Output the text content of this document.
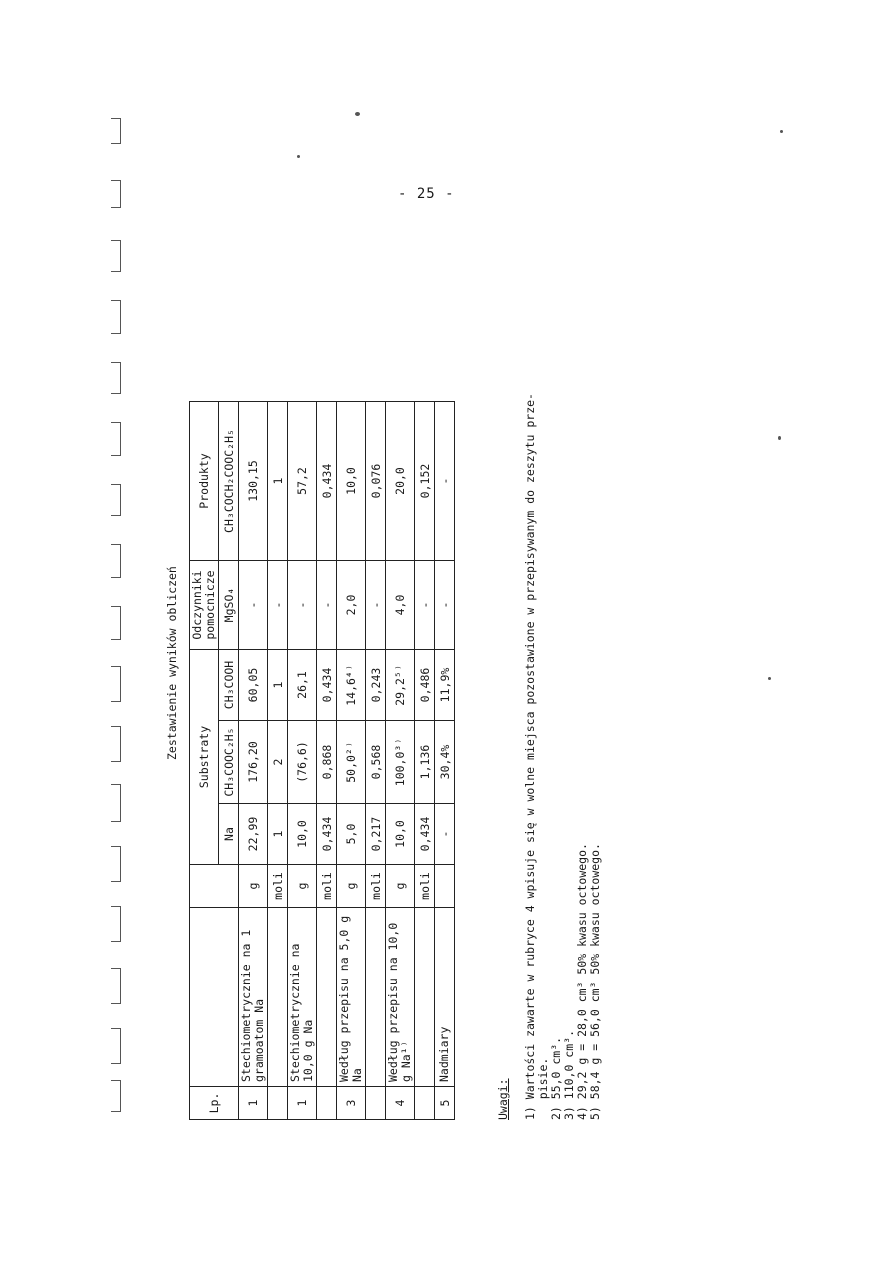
- 25 -
Zestawienie wyników obliczeń
Lp.			Substraty			Odczynniki pomocnicze	Produkty
			Na	CH₃COOC₂H₅	CH₃COOH	MgSO₄	CH₃COCH₂COOC₂H₅
1	Stechiometrycznie na 1 gramoatom Na	g	22,99	176,20	60,05	-	130,15
		moli	1	2	1	-	1
1	Stechiometrycznie na 10,0 g Na	g	10,0	(76,6)	26,1	-	57,2
		moli	0,434	0,868	0,434	-	0,434
3	Według przepisu na 5,0 g Na	g	5,0	50,0²⁾	14,6⁴⁾	2,0	10,0
		moli	0,217	0,568	0,243	-	0,076
4	Według przepisu na 10,0 g Na¹⁾	g	10,0	100,0³⁾	29,2⁵⁾	4,0	20,0
		moli	0,434	1,136	0,486	-	0,152
5	Nadmiary		-	30,4%	11,9%	-	-
Uwagi: 1) Wartości zawarte w rubryce 4 wpisuje się w wolne miejsca pozostawione w przepisywanym do zeszytu prze- pisie. 2) 55,0 cm³. 3) 110,0 cm³. 4) 29,2 g = 28,0 cm³ 50% kwasu octowego. 5) 58,4 g = 56,0 cm³ 50% kwasu octowego.
